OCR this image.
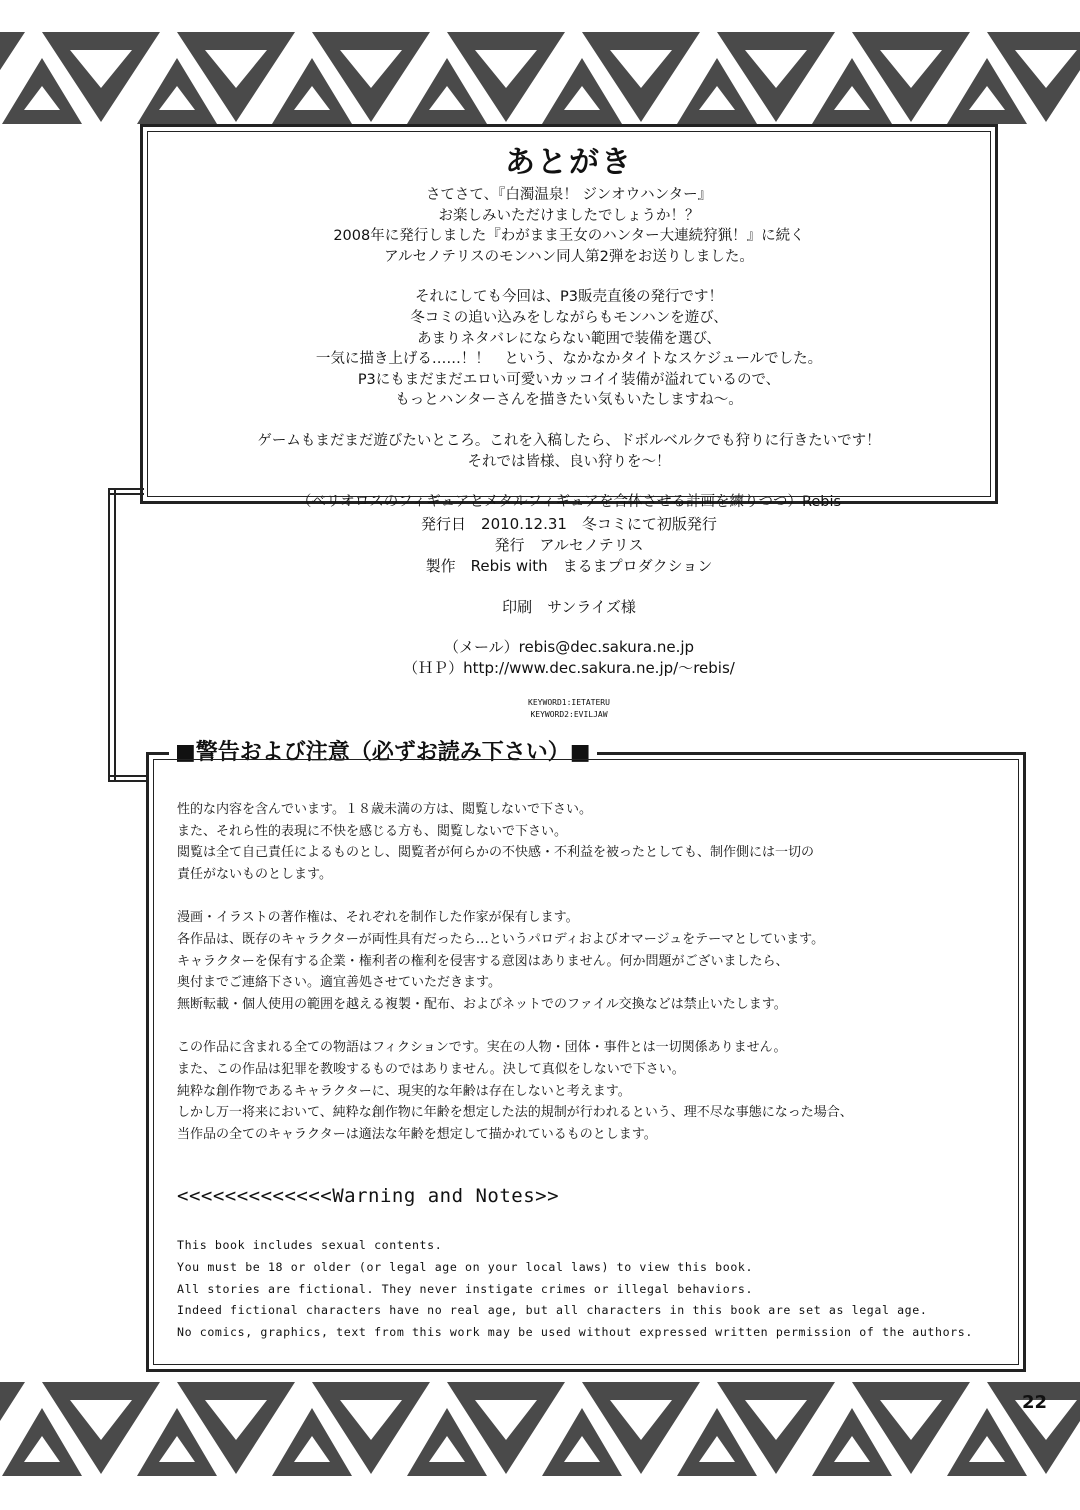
あとがき
さてさて、『白濁温泉！ ジンオウハンター』
お楽しみいただけましたでしょうか！？
2008年に発行しました『わがまま王女のハンター大連続狩猟！』に続く
アルセノテリスのモンハン同人第2弾をお送りしました。
それにしても今回は、P3販売直後の発行です！
冬コミの追い込みをしながらもモンハンを遊び、
あまりネタバレにならない範囲で装備を選び、
一気に描き上げる……！！　という、なかなかタイトなスケジュールでした。
P3にもまだまだエロい可愛いカッコイイ装備が溢れているので、
もっとハンターさんを描きたい気もいたしますね～。
ゲームもまだまだ遊びたいところ。これを入稿したら、ドボルベルクでも狩りに行きたいです！
それでは皆様、良い狩りを～！
（ベリオロスのフィギュアとメタルフィギュアを合体させる計画を練りつつ）Rebis
発行日　2010.12.31　冬コミにて初版発行
発行　アルセノテリス
製作　Rebis with　まるまプロダクション
印刷　サンライズ様
（メール）rebis@dec.sakura.ne.jp
（ＨＰ）http://www.dec.sakura.ne.jp/～rebis/
KEYWORD1:IETATERU
KEYWORD2:EVILJAW
■警告および注意（必ずお読み下さい）■
性的な内容を含んでいます。１８歳未満の方は、閲覧しないで下さい。
また、それら性的表現に不快を感じる方も、閲覧しないで下さい。
閲覧は全て自己責任によるものとし、閲覧者が何らかの不快感・不利益を被ったとしても、制作側には一切の
責任がないものとします。
漫画・イラストの著作権は、それぞれを制作した作家が保有します。
各作品は、既存のキャラクターが両性具有だったら…というパロディおよびオマージュをテーマとしています。
キャラクターを保有する企業・権利者の権利を侵害する意図はありません。何か問題がございましたら、
奥付までご連絡下さい。適宜善処させていただきます。
無断転載・個人使用の範囲を越える複製・配布、およびネットでのファイル交換などは禁止いたします。
この作品に含まれる全ての物語はフィクションです。実在の人物・団体・事件とは一切関係ありません。
また、この作品は犯罪を教唆するものではありません。決して真似をしないで下さい。
純粋な創作物であるキャラクターに、現実的な年齢は存在しないと考えます。
しかし万一将来において、純粋な創作物に年齢を想定した法的規制が行われるという、理不尽な事態になった場合、
当作品の全てのキャラクターは適法な年齢を想定して描かれているものとします。
<<<<<<<<<<<<<Warning and Notes>>
This book includes sexual contents.
You must be 18 or older (or legal age on your local laws) to view this book.
All stories are fictional. They never instigate crimes or illegal behaviors.
Indeed fictional characters have no real age, but all characters in this book are set as legal age.
No comics, graphics, text from this work may be used without expressed written permission of the authors.
22
